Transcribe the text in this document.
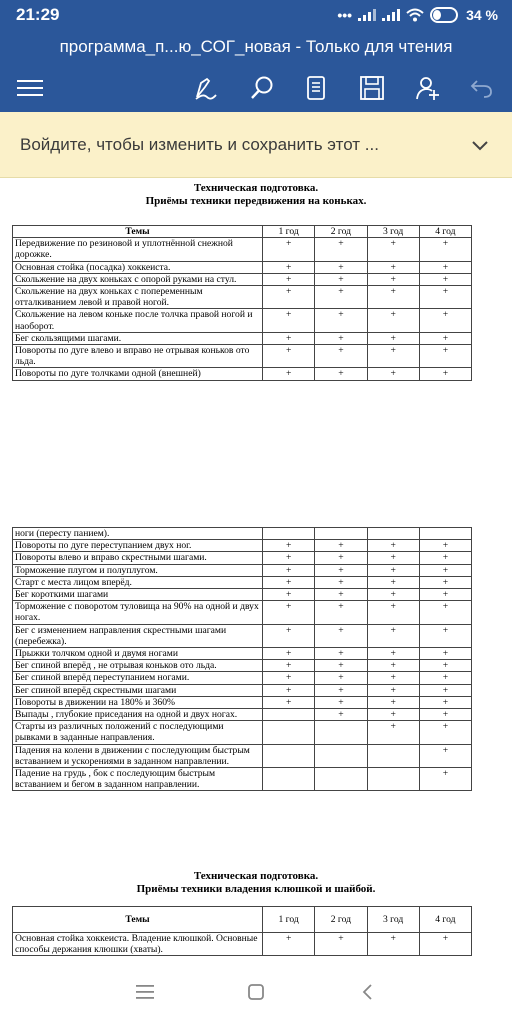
21:29	•••	34 %
программа_п...ю_СОГ_новая - Только для чтения
Войдите, чтобы изменить и сохранить этот ...
Техническая подготовка.
Приёмы техники передвижения на коньках.
Темы	1 год	2 год	3 год	4 год
Передвижение по резиновой и уплотнённой снежной дорожке.	+	+	+	+
Основная стойка (посадка) хоккеиста.	+	+	+	+
Скольжение на двух коньках с опорой руками на стул.	+	+	+	+
Скольжение на двух коньках с попеременным отталкиванием левой и правой ногой.	+	+	+	+
Скольжение на левом коньке после толчка правой ногой и наоборот.	+	+	+	+
Бег скользящими шагами.	+	+	+	+
Повороты по дуге влево и вправо не отрывая коньков ото льда.	+	+	+	+
Повороты по дуге толчками одной (внешней)	+	+	+	+
ноги (пересту панием).				
Повороты по дуге переступанием двух ног.	+	+	+	+
Повороты влево и вправо скрестными шагами.	+	+	+	+
Торможение плугом и полуплугом.	+	+	+	+
Старт с места лицом вперёд.	+	+	+	+
Бег короткими шагами	+	+	+	+
Торможение с поворотом туловища на 90% на одной и двух ногах.	+	+	+	+
Бег с изменением направления скрестными шагами (перебежка).	+	+	+	+
Прыжки толчком одной и двумя ногами	+	+	+	+
Бег спиной вперёд , не отрывая коньков ото льда.	+	+	+	+
Бег спиной вперёд переступанием ногами.	+	+	+	+
Бег спиной вперёд скрестными шагами	+	+	+	+
Повороты в движении на 180% и 360%	+	+	+	+
Выпады , глубокие приседания на одной и двух ногах.		+	+	+
Старты из различных положений с последующими рывками в заданные направления.			+	+
Падения на колени в движении с последующим быстрым вставанием и ускорениями в заданном направлении.				+
Падение на грудь , бок с последующим быстрым вставанием и бегом в заданном направлении.				+
Техническая подготовка.
Приёмы техники владения клюшкой и шайбой.
Темы	1 год	2 год	3 год	4 год
Основная стойка хоккеиста. Владение клюшкой. Основные способы держания клюшки (хваты).	+	+	+	+
